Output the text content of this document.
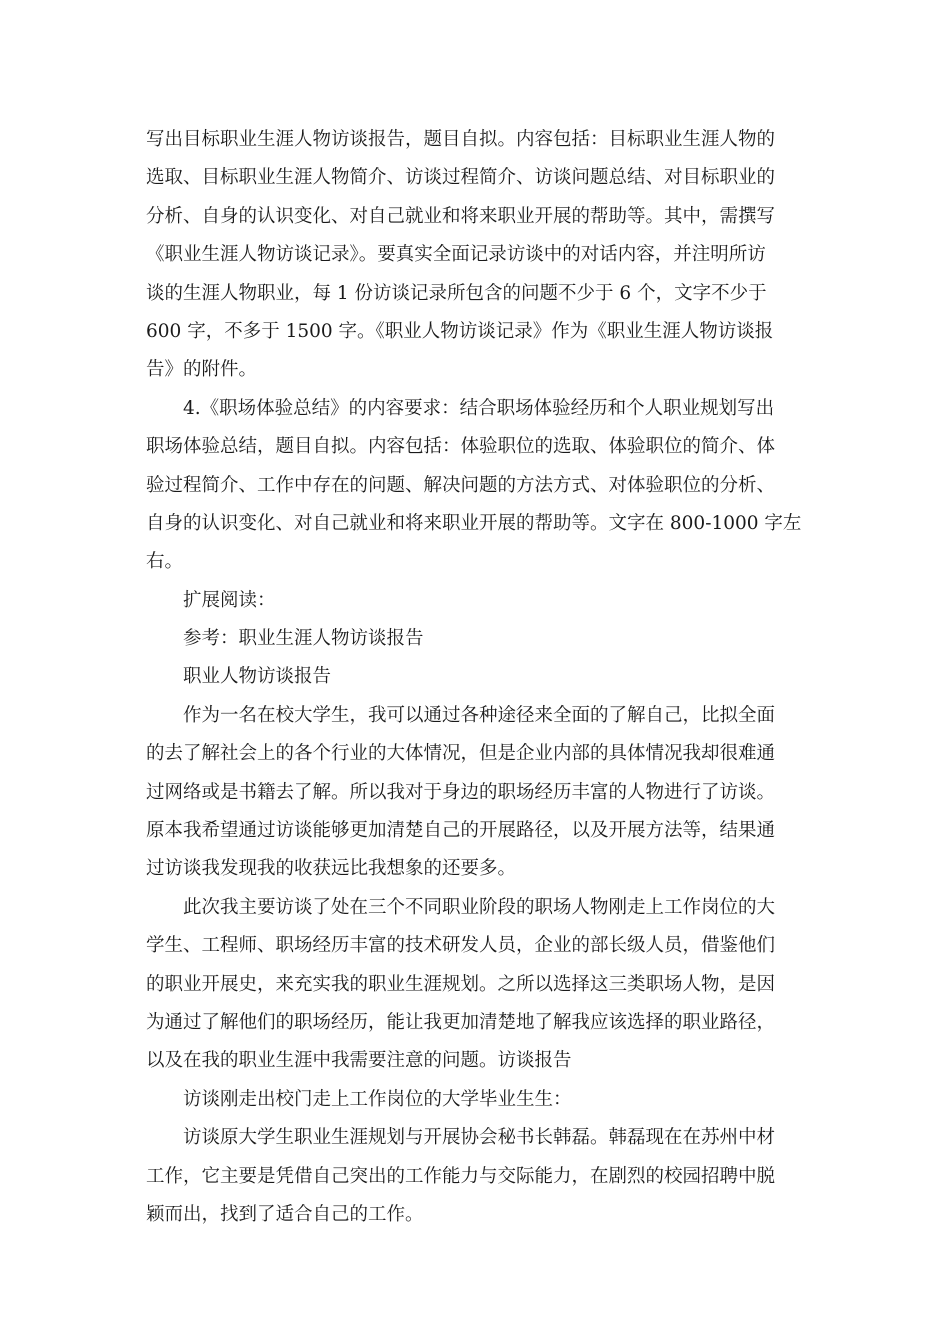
写出目标职业生涯人物访谈报告，题目自拟。内容包括：目标职业生涯人物的
选取、目标职业生涯人物简介、访谈过程简介、访谈问题总结、对目标职业的
分析、自身的认识变化、对自己就业和将来职业开展的帮助等。其中，需撰写
《职业生涯人物访谈记录》。要真实全面记录访谈中的对话内容，并注明所访
谈的生涯人物职业，每 1 份访谈记录所包含的问题不少于 6 个，文字不少于
600 字，不多于 1500 字。《职业人物访谈记录》作为《职业生涯人物访谈报
告》的附件。
4.《职场体验总结》的内容要求：结合职场体验经历和个人职业规划写出
职场体验总结，题目自拟。内容包括：体验职位的选取、体验职位的简介、体
验过程简介、工作中存在的问题、解决问题的方法方式、对体验职位的分析、
自身的认识变化、对自己就业和将来职业开展的帮助等。文字在 800-1000 字左
右。
扩展阅读：
参考：职业生涯人物访谈报告
职业人物访谈报告
作为一名在校大学生，我可以通过各种途径来全面的了解自己，比拟全面
的去了解社会上的各个行业的大体情况，但是企业内部的具体情况我却很难通
过网络或是书籍去了解。所以我对于身边的职场经历丰富的人物进行了访谈。
原本我希望通过访谈能够更加清楚自己的开展路径，以及开展方法等，结果通
过访谈我发现我的收获远比我想象的还要多。
此次我主要访谈了处在三个不同职业阶段的职场人物刚走上工作岗位的大
学生、工程师、职场经历丰富的技术研发人员，企业的部长级人员，借鉴他们
的职业开展史，来充实我的职业生涯规划。之所以选择这三类职场人物，是因
为通过了解他们的职场经历，能让我更加清楚地了解我应该选择的职业路径，
以及在我的职业生涯中我需要注意的问题。访谈报告
访谈刚走出校门走上工作岗位的大学毕业生生：
访谈原大学生职业生涯规划与开展协会秘书长韩磊。韩磊现在在苏州中材
工作，它主要是凭借自己突出的工作能力与交际能力，在剧烈的校园招聘中脱
颖而出，找到了适合自己的工作。
